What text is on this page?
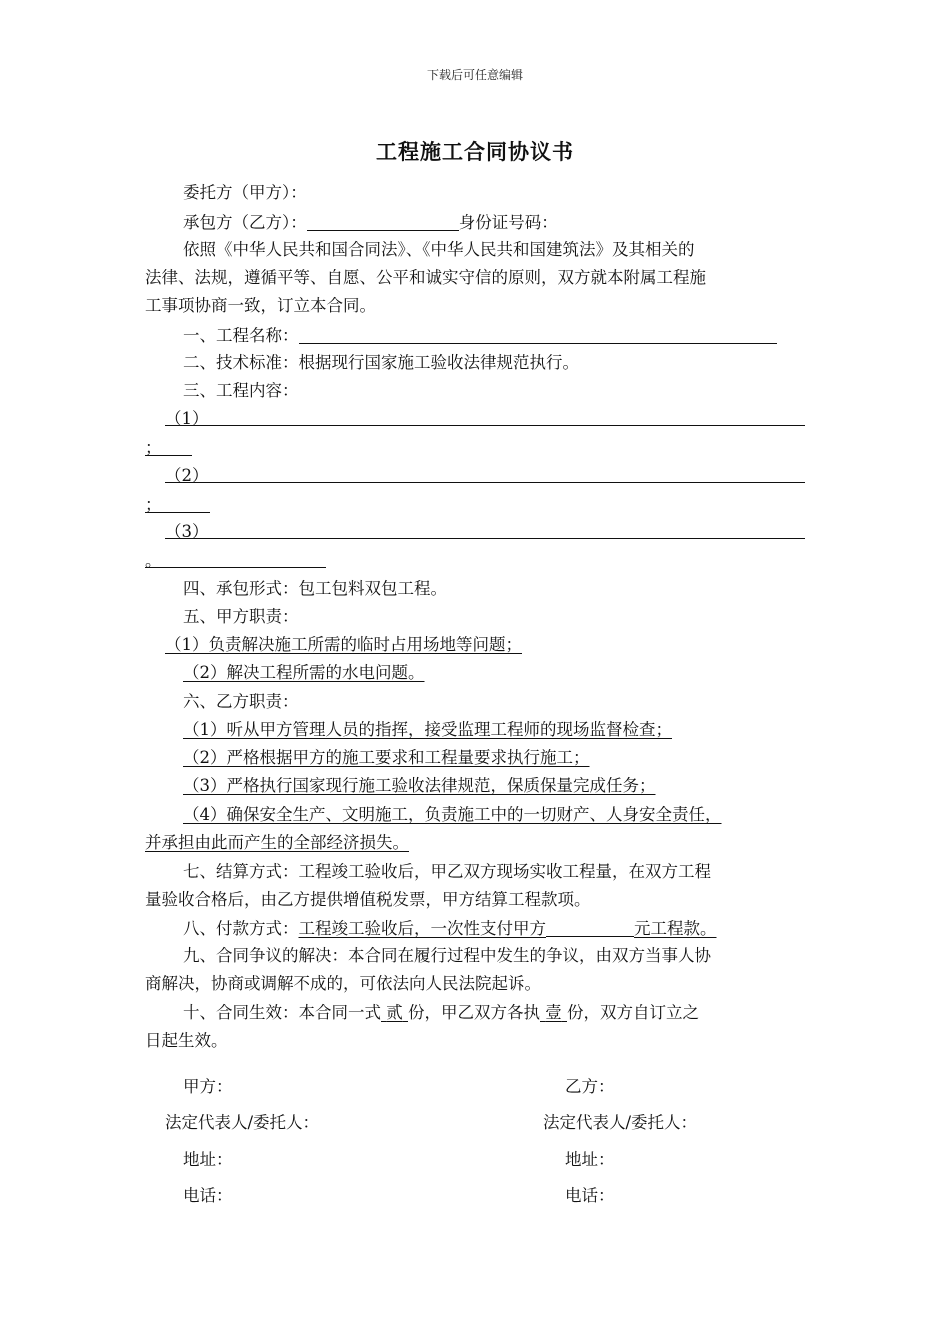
下载后可任意编辑
工程施工合同协议书
委托方（甲方）：
承包方（乙方）：	身份证号码：
依照《中华人民共和国合同法》、《中华人民共和国建筑法》及其相关的
法律、法规，遵循平等、自愿、公平和诚实守信的原则，双方就本附属工程施
工事项协商一致，订立本合同。
一、工程名称：
二、技术标准：根据现行国家施工验收法律规范执行。
三、工程内容：
（1）
；
（2）
；
（3）
。
四、承包形式：包工包料双包工程。
五、甲方职责：
（1）负责解决施工所需的临时占用场地等问题；
（2）解决工程所需的水电问题。
六、乙方职责：
（1）听从甲方管理人员的指挥，接受监理工程师的现场监督检查；
（2）严格根据甲方的施工要求和工程量要求执行施工；
（3）严格执行国家现行施工验收法律规范，保质保量完成任务；
（4）确保安全生产、文明施工，负责施工中的一切财产、人身安全责任，
并承担由此而产生的全部经济损失。
七、结算方式：工程竣工验收后，甲乙双方现场实收工程量，在双方工程
量验收合格后，由乙方提供增值税发票，甲方结算工程款项。
八、付款方式：工程竣工验收后，一次性支付甲方	元工程款。
九、合同争议的解决：本合同在履行过程中发生的争议，由双方当事人协
商解决，协商或调解不成的，可依法向人民法院起诉。
十、合同生效：本合同一式 贰 份，甲乙双方各执 壹 份，双方自订立之
日起生效。
甲方：	乙方：
法定代表人/委托人：	法定代表人/委托人：
地址：	地址：
电话：	电话：
